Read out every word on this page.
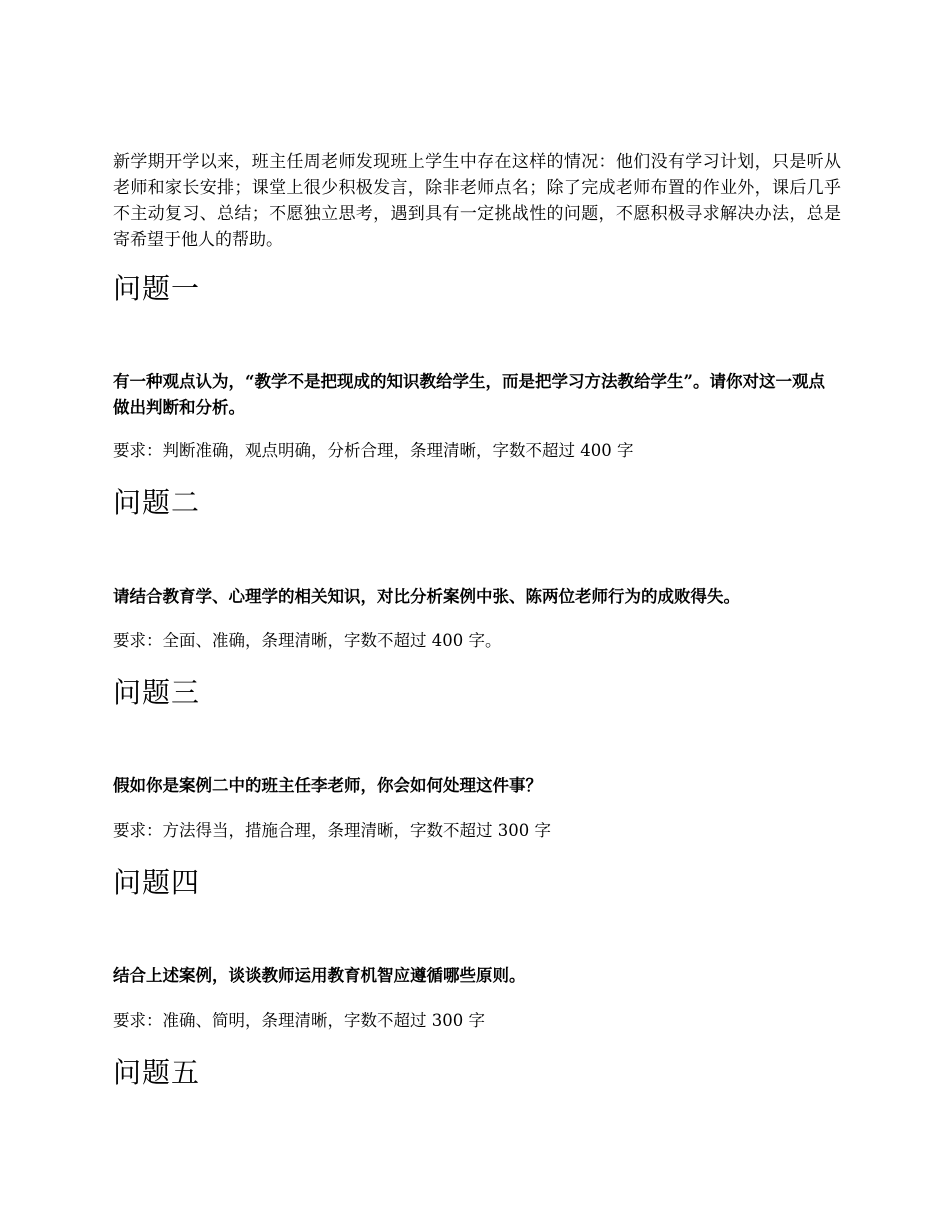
新学期开学以来，班主任周老师发现班上学生中存在这样的情况：他们没有学习计划，只是听从老师和家长安排；课堂上很少积极发言，除非老师点名；除了完成老师布置的作业外，课后几乎不主动复习、总结；不愿独立思考，遇到具有一定挑战性的问题，不愿积极寻求解决办法，总是寄希望于他人的帮助。

问题一

有一种观点认为，“教学不是把现成的知识教给学生，而是把学习方法教给学生”。请你对这一观点做出判断和分析。

要求：判断准确，观点明确，分析合理，条理清晰，字数不超过 400 字

问题二

请结合教育学、心理学的相关知识，对比分析案例中张、陈两位老师行为的成败得失。

要求：全面、准确，条理清晰，字数不超过 400 字。

问题三

假如你是案例二中的班主任李老师，你会如何处理这件事？

要求：方法得当，措施合理，条理清晰，字数不超过 300 字

问题四

结合上述案例，谈谈教师运用教育机智应遵循哪些原则。

要求：准确、简明，条理清晰，字数不超过 300 字

问题五
